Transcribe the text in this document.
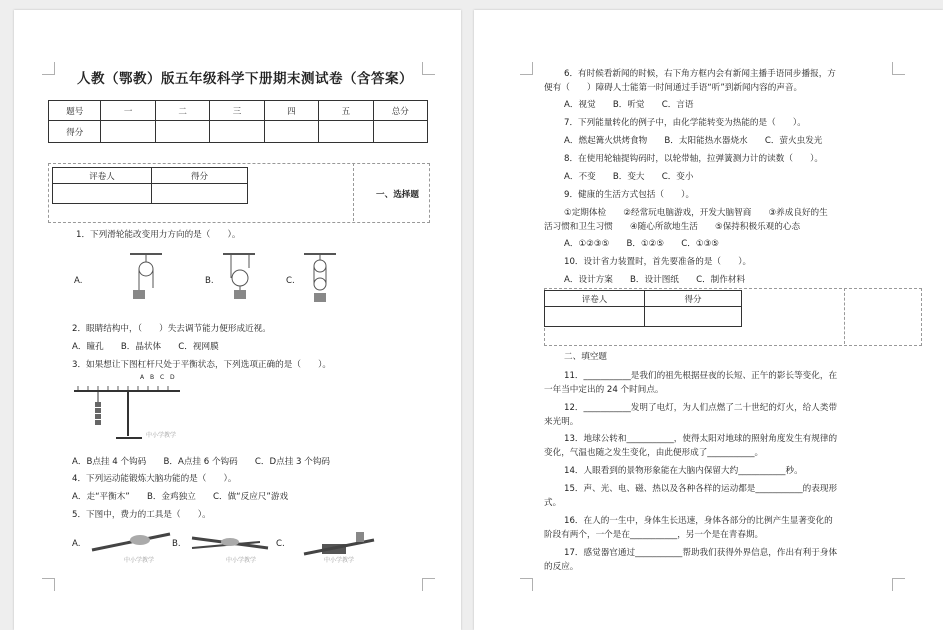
人教（鄂教）版五年级科学下册期末测试卷（含答案）
题号	一	二	三	四	五	总分
得分						
评卷人	得分

一、选择题
1．下列滑轮能改变用力方向的是（　　）。
A.	B.	C.
2．眼睛结构中，（　　）失去调节能力便形成近视。
A．瞳孔　　B．晶状体　　C．视网膜
3．如果想让下图杠杆尺处于平衡状态，下列选项正确的是（　　）。
A B C D
中小学教学
A．B点挂 4 个钩码　　B．A点挂 6 个钩码　　C．D点挂 3 个钩码
4．下列运动能锻炼大脑功能的是（　　）。
A．走“平衡木”　　B．金鸡独立　　C．做“反应尺”游戏
5．下图中，费力的工具是（　　）。
A.	B.	C.
中小学教学	中小学教学	中小学教学
6．有时候看新闻的时候，右下角方框内会有新闻主播手语同步播报，方
便有（　　）障碍人士能第一时间通过手语“听”到新闻内容的声音。
A．视觉　　B．听觉　　C．言语
7．下列能量转化的例子中，由化学能转变为热能的是（　　）。
A．燃起篝火烘烤食物　　B．太阳能热水器烧水　　C．萤火虫发光
8．在使用轮轴提钩码时，以轮带轴，拉弹簧测力计的读数（　　）。
A．不变　　B．变大　　C．变小
9．健康的生活方式包括（　　）。
①定期体检　　②经常玩电脑游戏，开发大脑智商　　③养成良好的生
活习惯和卫生习惯　　④随心所欲地生活　　⑤保持积极乐观的心态
A．①②③⑤　　B．①②⑤　　C．①③⑤
10．设计省力装置时，首先要准备的是（　　）。
A．设计方案　　B．设计图纸　　C．制作材料
评卷人	得分

二、填空题
11．___________是我们的祖先根据昼夜的长短、正午的影长等变化，在
一年当中定出的 24 个时间点。
12．___________发明了电灯，为人们点燃了二十世纪的灯火，给人类带
来光明。
13．地球公转和___________，使得太阳对地球的照射角度发生有规律的
变化，气温也随之发生变化，由此便形成了___________。
14．人眼看到的景物形象能在大脑内保留大约___________秒。
15．声、光、电、磁、热以及各种各样的运动都是___________的表现形
式。
16．在人的一生中，身体生长迅速，身体各部分的比例产生显著变化的
阶段有两个，一个是在___________，另一个是在青春期。
17．感觉器官通过___________帮助我们获得外界信息，作出有利于身体
的反应。
